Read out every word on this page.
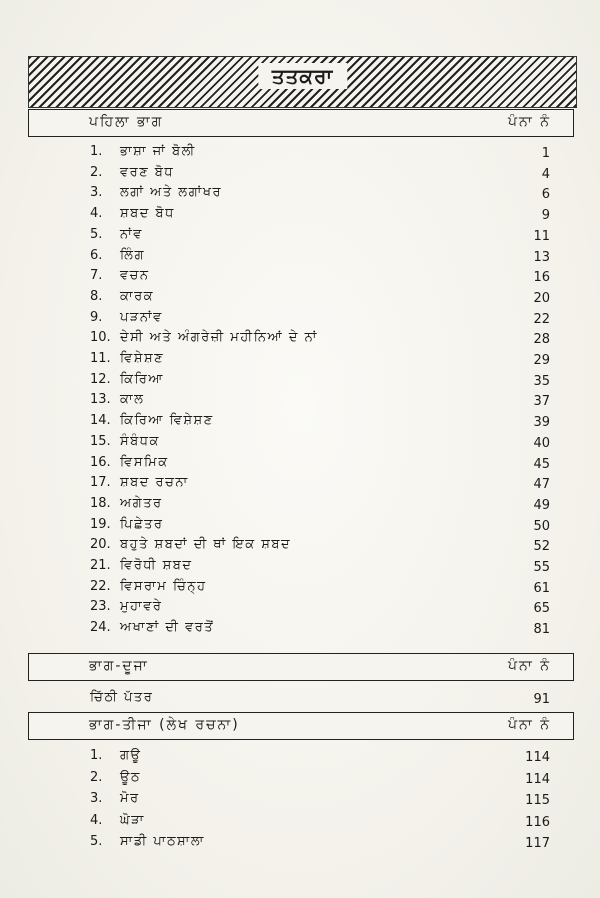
ਤਤਕਰਾ
ਪਹਿਲਾ ਭਾਗ	ਪੰਨਾ ਨੰ
1. ਭਾਸ਼ਾ ਜਾਂ ਬੋਲੀ	1
2. ਵਰਣ ਬੋਧ	4
3. ਲਗਾਂ ਅਤੇ ਲਗਾਂਖਰ	6
4. ਸ਼ਬਦ ਬੋਧ	9
5. ਨਾਂਵ	11
6. ਲਿੰਗ	13
7. ਵਚਨ	16
8. ਕਾਰਕ	20
9. ਪੜਨਾਂਵ	22
10. ਦੇਸੀ ਅਤੇ ਅੰਗਰੇਜ਼ੀ ਮਹੀਨਿਆਂ ਦੇ ਨਾਂ	28
11. ਵਿਸ਼ੇਸ਼ਣ	29
12. ਕਿਰਿਆ	35
13. ਕਾਲ	37
14. ਕਿਰਿਆ ਵਿਸ਼ੇਸ਼ਣ	39
15. ਸੰਬੰਧਕ	40
16. ਵਿਸਮਿਕ	45
17. ਸ਼ਬਦ ਰਚਨਾ	47
18. ਅਗੇਤਰ	49
19. ਪਿਛੇਤਰ	50
20. ਬਹੁਤੇ ਸ਼ਬਦਾਂ ਦੀ ਥਾਂ ਇਕ ਸ਼ਬਦ	52
21. ਵਿਰੋਧੀ ਸ਼ਬਦ	55
22. ਵਿਸਰਾਮ ਚਿੰਨ੍ਹ	61
23. ਮੁਹਾਵਰੇ	65
24. ਅਖਾਣਾਂ ਦੀ ਵਰਤੋਂ	81
ਭਾਗ-ਦੂਜਾ	ਪੰਨਾ ਨੰ
ਚਿੱਠੀ ਪੱਤਰ	91
ਭਾਗ-ਤੀਜਾ (ਲੇਖ ਰਚਨਾ)	ਪੰਨਾ ਨੰ
1. ਗਊ	114
2. ਊਠ	114
3. ਮੋਰ	115
4. ਘੋੜਾ	116
5. ਸਾਡੀ ਪਾਠਸ਼ਾਲਾ	117
